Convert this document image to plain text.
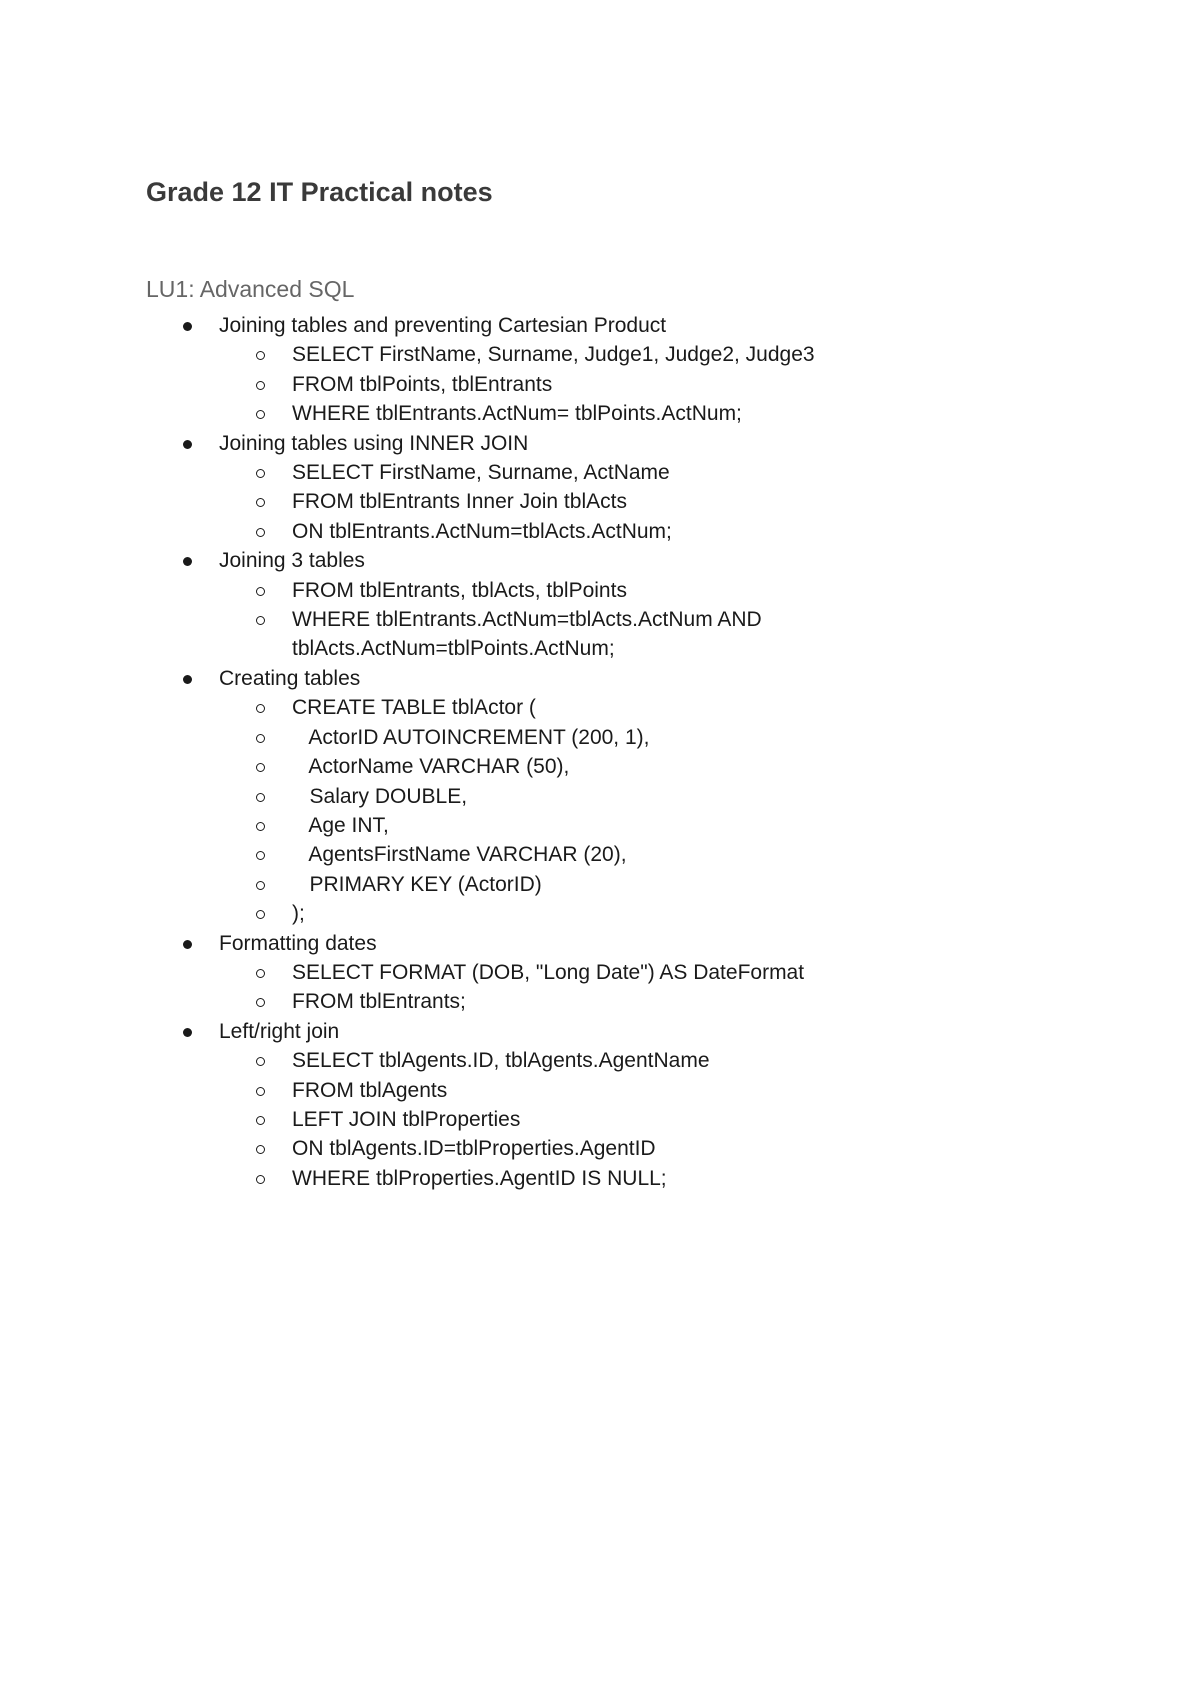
Grade 12 IT Practical notes
LU1: Advanced SQL
Joining tables and preventing Cartesian Product
SELECT FirstName, Surname, Judge1, Judge2, Judge3
FROM tblPoints, tblEntrants
WHERE tblEntrants.ActNum= tblPoints.ActNum;
Joining tables using INNER JOIN
SELECT FirstName, Surname, ActName
FROM tblEntrants Inner Join tblActs
ON tblEntrants.ActNum=tblActs.ActNum;
Joining 3 tables
FROM tblEntrants, tblActs, tblPoints
WHERE tblEntrants.ActNum=tblActs.ActNum AND
tblActs.ActNum=tblPoints.ActNum;
Creating tables
CREATE TABLE tblActor (
ActorID AUTOINCREMENT (200, 1),
ActorName VARCHAR (50),
Salary DOUBLE,
Age INT,
AgentsFirstName VARCHAR (20),
PRIMARY KEY (ActorID)
);
Formatting dates
SELECT FORMAT (DOB, "Long Date") AS DateFormat
FROM tblEntrants;
Left/right join
SELECT tblAgents.ID, tblAgents.AgentName
FROM tblAgents
LEFT JOIN tblProperties
ON tblAgents.ID=tblProperties.AgentID
WHERE tblProperties.AgentID IS NULL;
